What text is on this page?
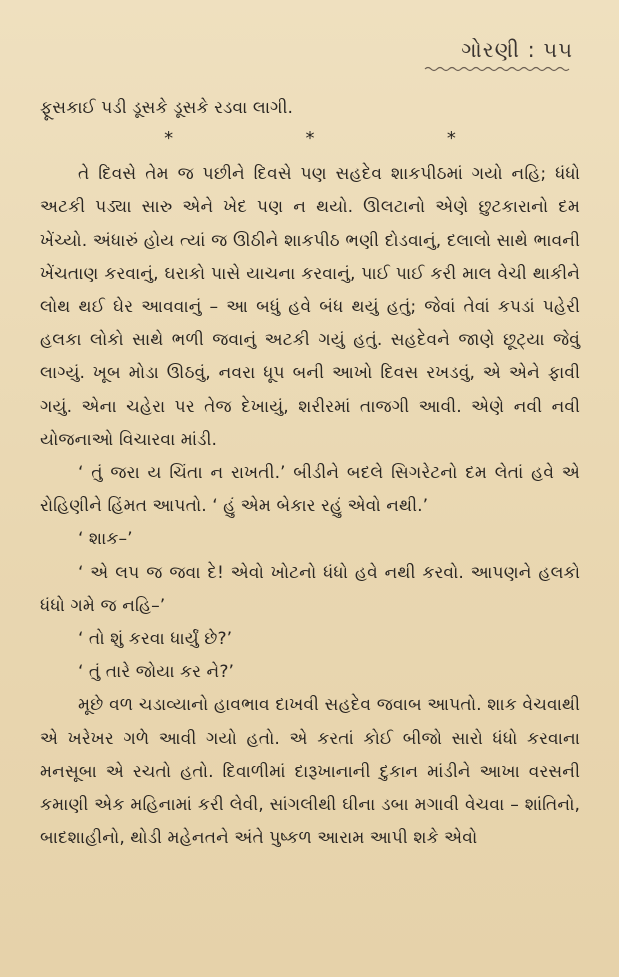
ગોરણી : ૫૫

ફૂસકાઈ પડી ડૂસકે ડૂસકે રડવા લાગી.

*	*	*

તે દિવસે તેમ જ પછીને દિવસે પણ સહદેવ શાકપીઠમાં ગયો નહિ; ધંધો અટકી પડ્યા સારુ એને ખેદ પણ ન થયો. ઊલટાનો એણે છુટકારાનો દમ ખેંચ્યો. અંધારું હોય ત્યાં જ ઊઠીને શાકપીઠ ભણી દોડવાનું, દલાલો સાથે ભાવની ખેંચતાણ કરવાનું, ઘરાકો પાસે યાચના કરવાનું, પાઈ પાઈ કરી માલ વેચી થાકીને લોથ થઈ ઘેર આવવાનું – આ બધું હવે બંધ થયું હતું; જેવાં તેવાં કપડાં પહેરી હલકા લોકો સાથે ભળી જવાનું અટકી ગયું હતું. સહદેવને જાણે છૂટ્યા જેવું લાગ્યું. ખૂબ મોડા ઊઠવું, નવરા ધૂપ બની આખો દિવસ રખડવું, એ એને ફાવી ગયું. એના ચહેરા પર તેજ દેખાયું, શરીરમાં તાજગી આવી. એણે નવી નવી યોજનાઓ વિચારવા માંડી.

‘ તું જરા ય ચિંતા ન રાખતી.’ બીડીને બદલે સિગરેટનો દમ લેતાં હવે એ રોહિણીને હિંમત આપતો. ‘ હું એમ બેકાર રહું એવો નથી.’

‘ શાક–’

‘ એ લપ જ જવા દે! એવો ખોટનો ધંધો હવે નથી કરવો. આપણને હલકો ધંધો ગમે જ નહિ–’

‘ તો શું કરવા ધાર્યું છે?’

‘ તું તારે જોયા કર ને?’

મૂછે વળ ચડાવ્યાનો હાવભાવ દાખવી સહદેવ જવાબ આપતો. શાક વેચવાથી એ ખરેખર ગળે આવી ગયો હતો. એ કરતાં કોઈ બીજો સારો ધંધો કરવાના મનસૂબા એ રચતો હતો. દિવાળીમાં દારૂખાનાની દુકાન માંડીને આખા વરસની કમાણી એક મહિનામાં કરી લેવી, સાંગલીથી ઘીના ડબા મગાવી વેચવા – શાંતિનો, બાદશાહીનો, થોડી મહેનતને અંતે પુષ્કળ આરામ આપી શકે એવો
